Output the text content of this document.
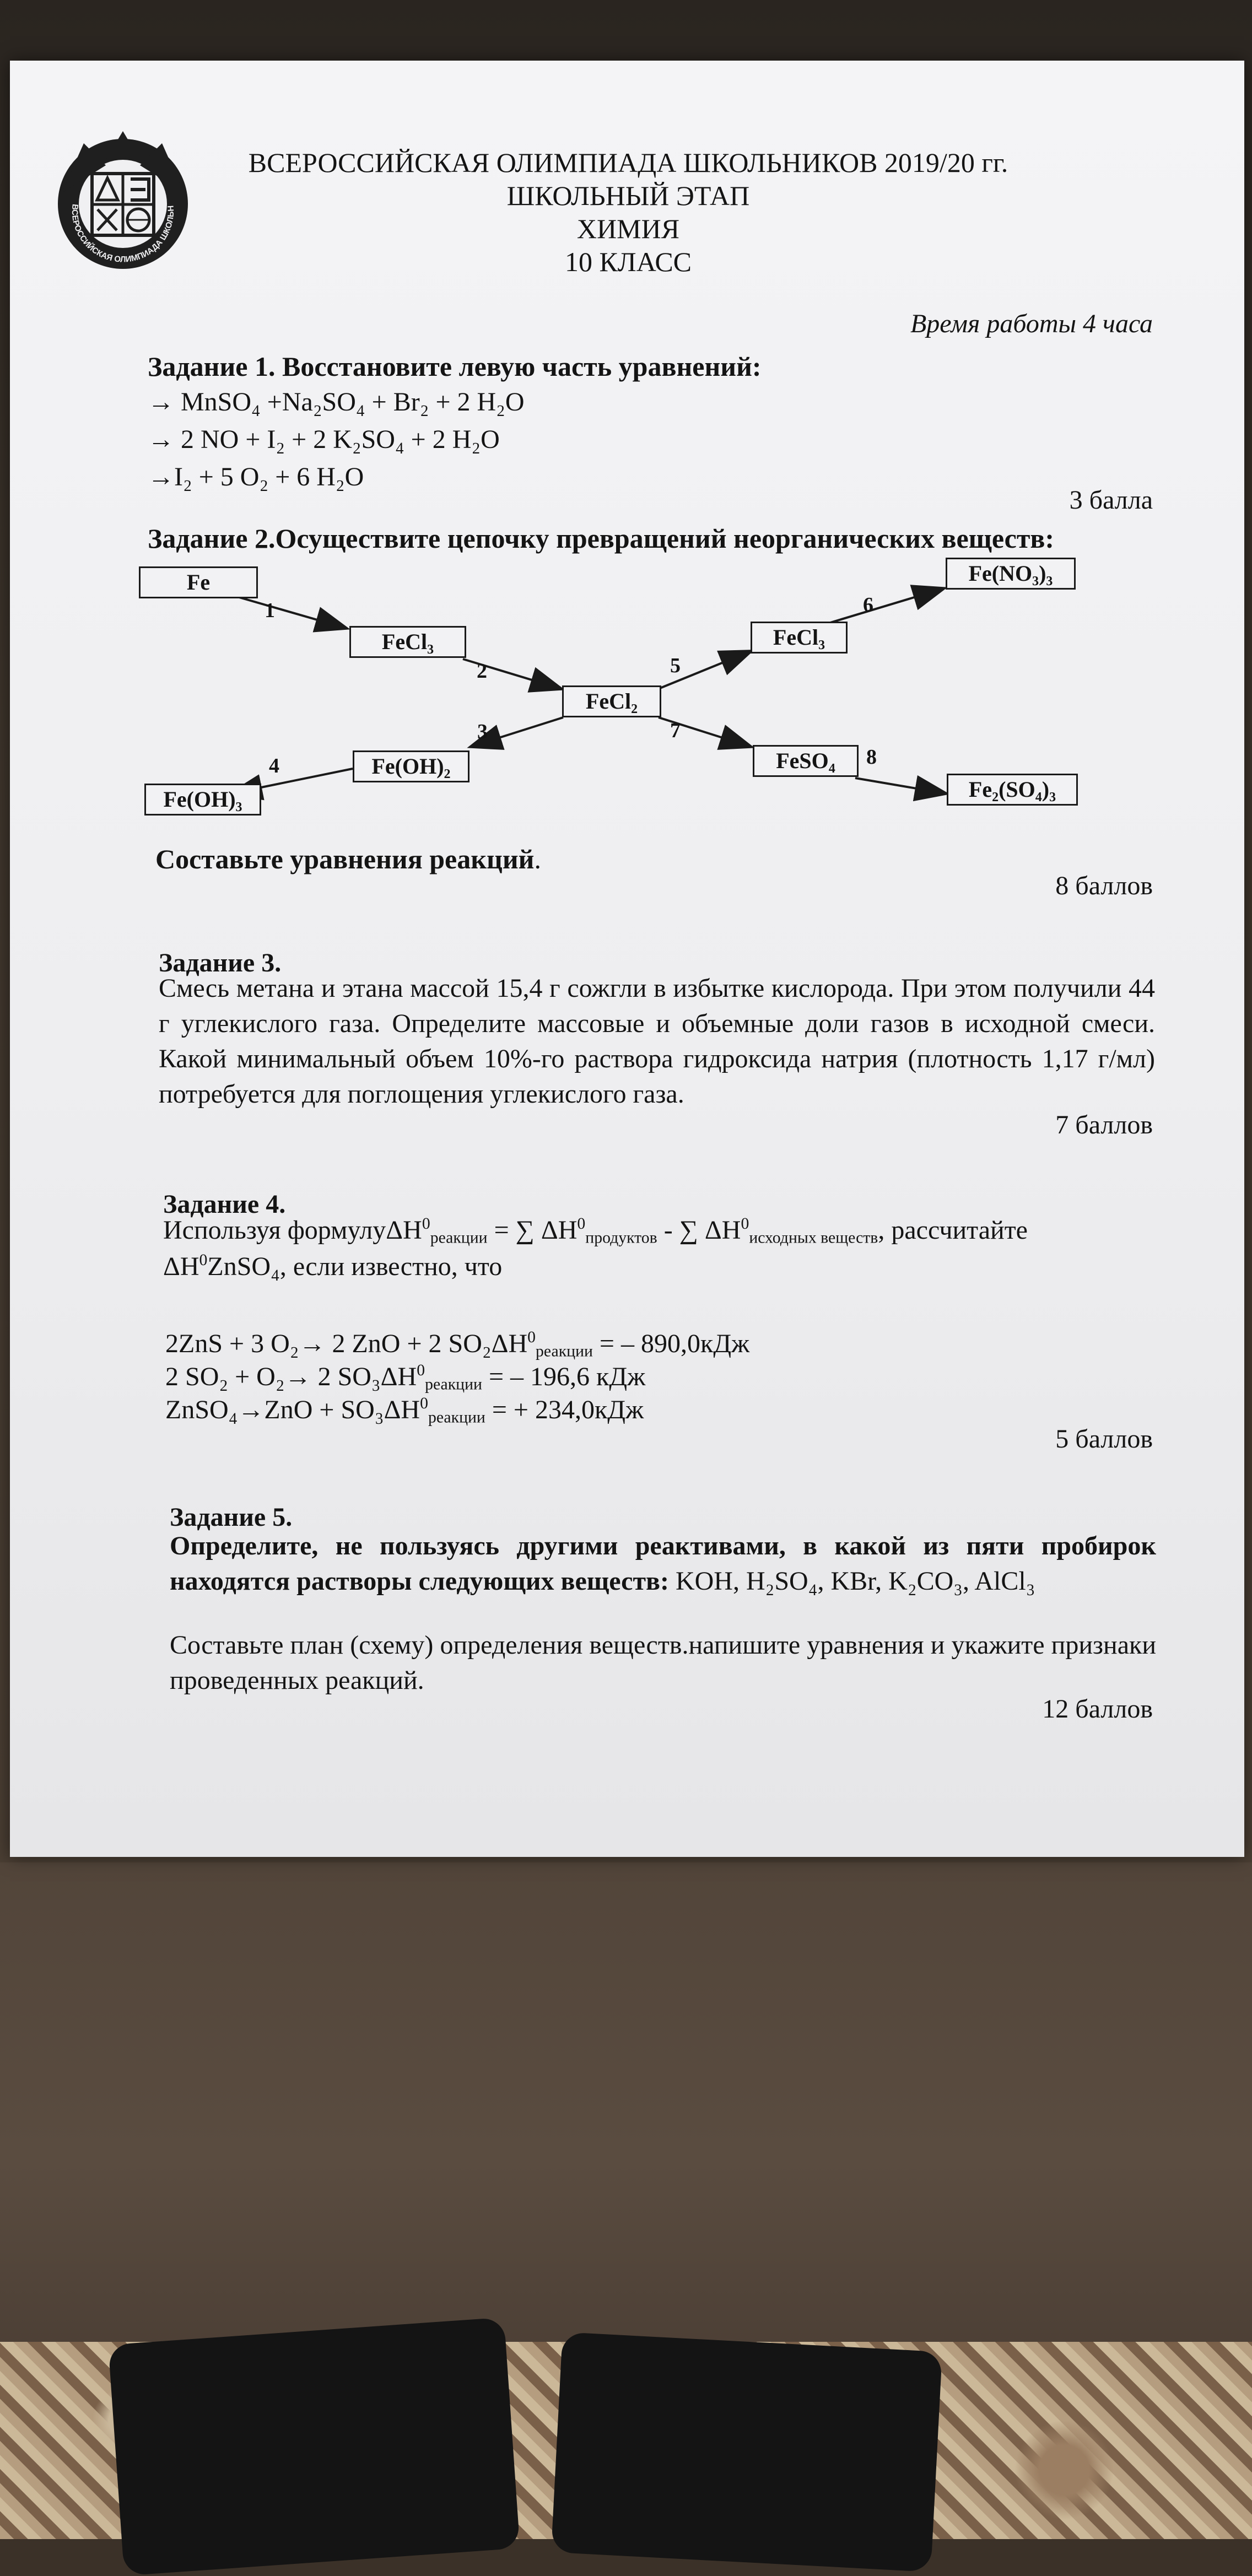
ВСЕРОССИЙСКАЯ ОЛИМПИАДА ШКОЛЬН
ВСЕРОССИЙСКАЯ ОЛИМПИАДА ШКОЛЬНИКОВ 2019/20 гг.
ШКОЛЬНЫЙ ЭТАП
ХИМИЯ
10 КЛАСС
Время работы 4 часа
Задание 1. Восстановите левую часть уравнений:
→ MnSO₄ +Na₂SO₄ + Br₂ + 2 H₂O
→ 2 NO + I₂ + 2 K₂SO₄ + 2 H₂O
→I₂ + 5 O₂ + 6 H₂O
3 балла
Задание 2.Осуществите цепочку превращений неорганических веществ:
Fe
FeCl₃
FeCl₂
FeCl₃
Fe(NO₃)₃
Fe(OH)₂
Fe(OH)₃
FeSO₄
Fe₂(SO₄)₃
1
2
3
4
5
6
7
8
Составьте уравнения реакций.
8 баллов
Задание 3.
Смесь метана и этана массой 15,4 г сожгли в избытке кислорода. При этом получили 44 г углекислого газа. Определите массовые и объемные доли газов в исходной смеси. Какой минимальный объем 10%-го раствора гидроксида натрия (плотность 1,17 г/мл) потребуется для поглощения углекислого газа.
7 баллов
Задание 4.
Используя формулуΔH$^0_{реакции}$ = ∑ $\Delta H^0_{продуктов}$ - ∑ $\Delta H^0_{исходных веществ}$, рассчитайте
$\Delta H^0ZnSO_4$, если известно, что
2ZnS + 3 O₂→ 2 ZnO + 2 $SO_2\Delta H^0_{реакции}$ = – 890,0кДж
2 SO₂ + O₂→ 2 $SO_3\Delta H^0_{реакции}$ = – 196,6 кДж
ZnSO₄→ZnO + $SO_3\Delta H^0_{реакции}$ = + 234,0кДж
5 баллов
Задание 5.
Определите, не пользуясь другими реактивами, в какой из пяти пробирок находятся растворы следующих веществ: KOH, H₂SO₄, KBr, K₂CO₃, AlCl₃
Составьте план (схему) определения веществ.напишите уравнения и укажите признаки проведенных реакций.
12 баллов
